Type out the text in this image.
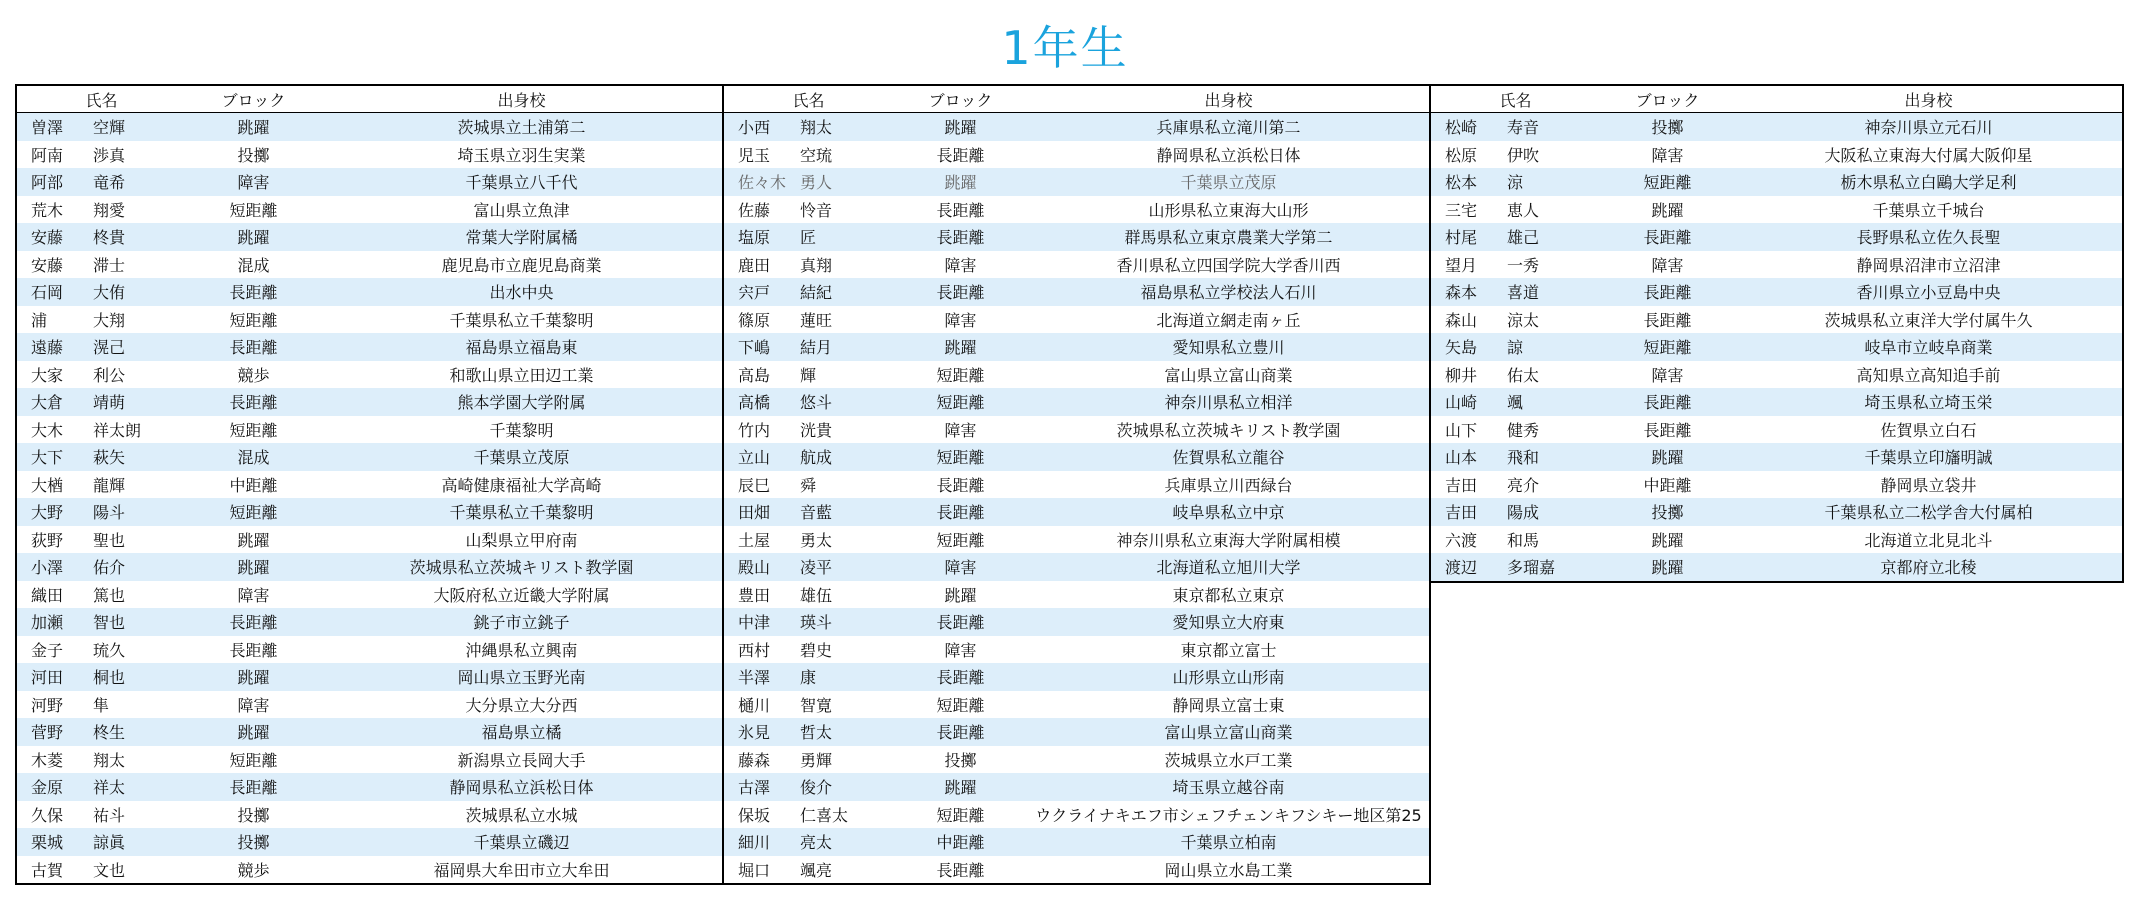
1年生
氏名	ブロック	出身校
曽澤 空輝	跳躍	茨城県立土浦第二
阿南 渉真	投擲	埼玉県立羽生実業
阿部 竜希	障害	千葉県立八千代
荒木 翔愛	短距離	富山県立魚津
安藤 柊貴	跳躍	常葉大学附属橘
安藤 滞士	混成	鹿児島市立鹿児島商業
石岡 大侑	長距離	出水中央
浦 大翔	短距離	千葉県私立千葉黎明
遠藤 滉己	長距離	福島県立福島東
大家 利公	競歩	和歌山県立田辺工業
大倉 靖萌	長距離	熊本学園大学附属
大木 祥太朗	短距離	千葉黎明
大下 萩矢	混成	千葉県立茂原
大楢 龍輝	中距離	高崎健康福祉大学高崎
大野 陽斗	短距離	千葉県私立千葉黎明
荻野 聖也	跳躍	山梨県立甲府南
小澤 佑介	跳躍	茨城県私立茨城キリスト教学園
織田 篤也	障害	大阪府私立近畿大学附属
加瀬 智也	長距離	銚子市立銚子
金子 琉久	長距離	沖縄県私立興南
河田 桐也	跳躍	岡山県立玉野光南
河野 隼	障害	大分県立大分西
菅野 柊生	跳躍	福島県立橘
木菱 翔太	短距離	新潟県立長岡大手
金原 祥太	長距離	静岡県私立浜松日体
久保 祐斗	投擲	茨城県私立水城
栗城 諒眞	投擲	千葉県立磯辺
古賀 文也	競歩	福岡県大牟田市立大牟田
氏名	ブロック	出身校
小西 翔太	跳躍	兵庫県私立滝川第二
児玉 空琉	長距離	静岡県私立浜松日体
佐々木 勇人	跳躍	千葉県立茂原
佐藤 怜音	長距離	山形県私立東海大山形
塩原 匠	長距離	群馬県私立東京農業大学第二
鹿田 真翔	障害	香川県私立四国学院大学香川西
宍戸 結紀	長距離	福島県私立学校法人石川
篠原 蓮旺	障害	北海道立網走南ヶ丘
下嶋 結月	跳躍	愛知県私立豊川
高島 輝	短距離	富山県立富山商業
高橋 悠斗	短距離	神奈川県私立相洋
竹内 洸貴	障害	茨城県私立茨城キリスト教学園
立山 航成	短距離	佐賀県私立龍谷
辰巳 舜	長距離	兵庫県立川西緑台
田畑 音藍	長距離	岐阜県私立中京
土屋 勇太	短距離	神奈川県私立東海大学附属相模
殿山 凌平	障害	北海道私立旭川大学
豊田 雄伍	跳躍	東京都私立東京
中津 瑛斗	長距離	愛知県立大府東
西村 碧史	障害	東京都立富士
半澤 康	長距離	山形県立山形南
樋川 智寛	短距離	静岡県立富士東
氷見 哲太	長距離	富山県立富山商業
藤森 勇輝	投擲	茨城県立水戸工業
古澤 俊介	跳躍	埼玉県立越谷南
保坂 仁喜太	短距離	ウクライナキエフ市シェフチェンキフシキー地区第25
細川 亮太	中距離	千葉県立柏南
堀口 颯亮	長距離	岡山県立水島工業
氏名	ブロック	出身校
松崎 寿音	投擲	神奈川県立元石川
松原 伊吹	障害	大阪私立東海大付属大阪仰星
松本 涼	短距離	栃木県私立白鷗大学足利
三宅 恵人	跳躍	千葉県立千城台
村尾 雄己	長距離	長野県私立佐久長聖
望月 一秀	障害	静岡県沼津市立沼津
森本 喜道	長距離	香川県立小豆島中央
森山 涼太	長距離	茨城県私立東洋大学付属牛久
矢島 諒	短距離	岐阜市立岐阜商業
柳井 佑太	障害	高知県立高知追手前
山崎 颯	長距離	埼玉県私立埼玉栄
山下 健秀	長距離	佐賀県立白石
山本 飛和	跳躍	千葉県立印旛明誠
吉田 亮介	中距離	静岡県立袋井
吉田 陽成	投擲	千葉県私立二松学舎大付属柏
六渡 和馬	跳躍	北海道立北見北斗
渡辺 多瑠嘉	跳躍	京都府立北稜
